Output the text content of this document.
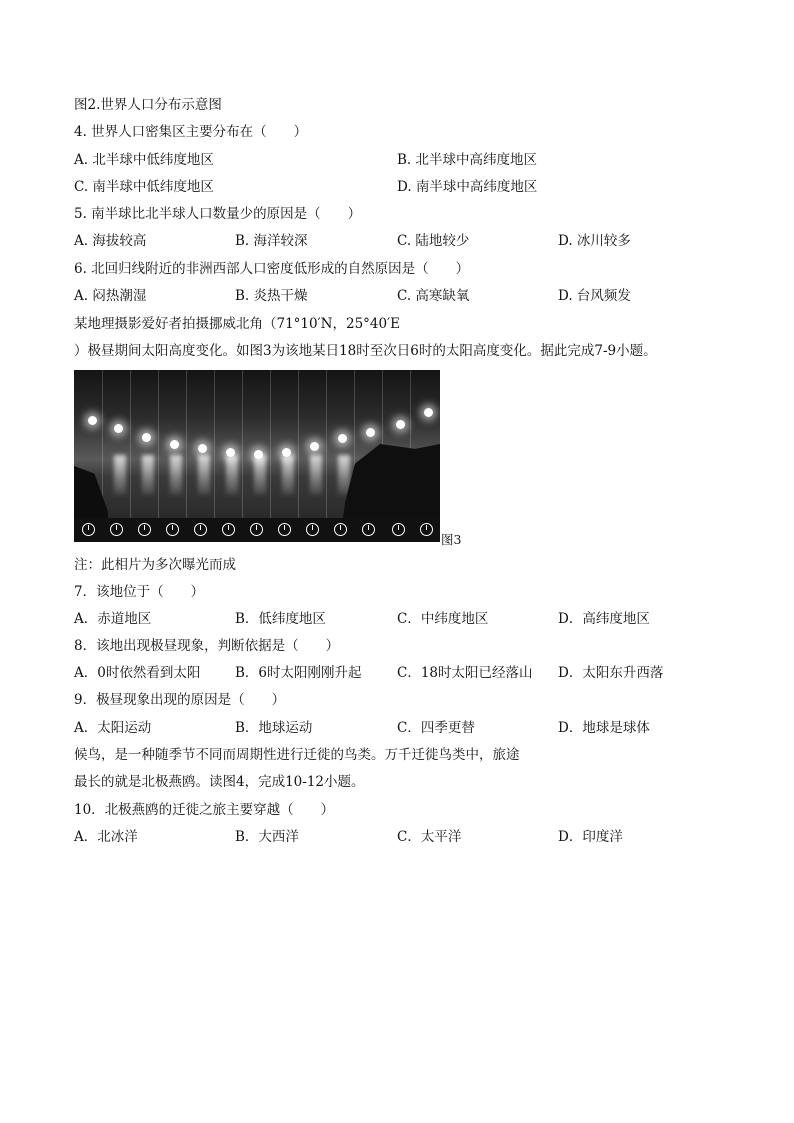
图2.世界人口分布示意图
4. 世界人口密集区主要分布在（　　）
A. 北半球中低纬度地区	B. 北半球中高纬度地区
C. 南半球中低纬度地区	D. 南半球中高纬度地区
5. 南半球比北半球人口数量少的原因是（　　）
A. 海拔较高	B. 海洋较深	C. 陆地较少	D. 冰川较多
6. 北回归线附近的非洲西部人口密度低形成的自然原因是（　　）
A. 闷热潮湿	B. 炎热干燥	C. 高寒缺氧	D. 台风频发
某地理摄影爱好者拍摄挪威北角（71°10′N，25°40′E
）极昼期间太阳高度变化。如图3为该地某日18时至次日6时的太阳高度变化。据此完成7-9小题。
图3
注：此相片为多次曝光而成
7．该地位于（　　）
A．赤道地区	B．低纬度地区	C．中纬度地区	D．高纬度地区
8．该地出现极昼现象，判断依据是（　　）
A．0时依然看到太阳	B．6时太阳刚刚升起	C．18时太阳已经落山 D．太阳东升西落
9．极昼现象出现的原因是（　　）
A．太阳运动	B．地球运动	C．四季更替	D．地球是球体
候鸟，是一种随季节不同而周期性进行迁徙的鸟类。万千迁徙鸟类中，旅途
最长的就是北极燕鸥。读图4，完成10-12小题。
10．北极燕鸥的迁徙之旅主要穿越（　　）
A．北冰洋	B．大西洋	C．太平洋	D．印度洋
